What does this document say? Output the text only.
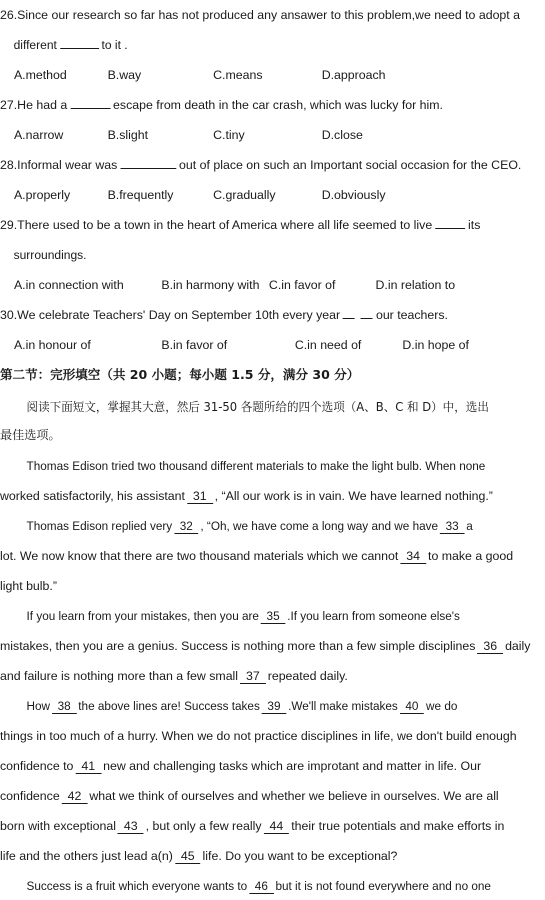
26.Since our research so far has not produced any ansawer to this problem,we need to adopt a
different	to it .
A.method	B.way	C.means	D.approach
27.He had a	escape from death in the car crash, which was lucky for him.
A.narrow	B.slight	C.tiny	D.close
28.Informal wear was	out of place on such an Important social occasion for the CEO.
A.properly	B.frequently	C.gradually	D.obviously
29.There used to be a town in the heart of America where all life seemed to live	its
surroundings.
A.in connection with	B.in harmony with C.in favor of	D.in relation to
30.We celebrate Teachers' Day on September 10th every year	our teachers.
A.in honour of	B.in favor of	C.in need of	D.in hope of
第二节：完形填空（共 20 小题；每小题 1.5 分，满分 30 分）
阅读下面短文，掌握其大意，然后 31-50 各题所给的四个选项（A、B、C 和 D）中，选出
最佳选项。
Thomas Edison tried two thousand different materials to make the light bulb. When none
worked satisfactorily, his assistant 31 , “All our work is in vain. We have learned nothing.”
Thomas Edison replied very 32 , “Oh, we have come a long way and we have 33 a
lot. We now know that there are two thousand materials which we cannot 34 to make a good
light bulb.”
If you learn from your mistakes, then you are 35 .If you learn from someone else's
mistakes, then you are a genius. Success is nothing more than a few simple disciplines 36 daily
and failure is nothing more than a few small 37 repeated daily.
How 38 the above lines are! Success takes 39 .We'll make mistakes 40 we do
things in too much of a hurry. When we do not practice disciplines in life, we don't build enough
confidence to 41 new and challenging tasks which are improtant and matter in life. Our
confidence 42 what we think of ourselves and whether we believe in ourselves. We are all
born with exceptional 43 , but only a few really 44 their true potentials and make efforts in
life and the others just lead a(n) 45 life. Do you want to be exceptional?
Success is a fruit which everyone wants to 46 but it is not found everywhere and no one
